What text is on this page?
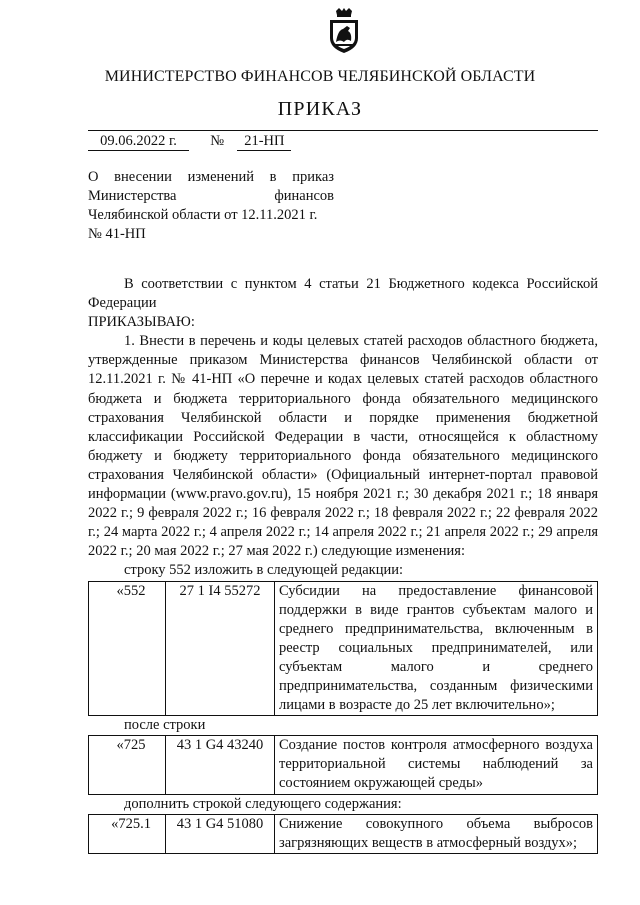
МИНИСТЕРСТВО ФИНАНСОВ ЧЕЛЯБИНСКОЙ ОБЛАСТИ
ПРИКАЗ
09.06.2022 г. № 21-НП

О внесении изменений в приказ

Министерства финансов

Челябинской области от 12.11.2021 г.

№ 41-НП

В соответствии с пунктом 4 статьи 21 Бюджетного кодекса Российской Федерации

ПРИКАЗЫВАЮ:

1. Внести в перечень и коды целевых статей расходов областного бюджета, утвержденные приказом Министерства финансов Челябинской области от 12.11.2021 г. № 41-НП «О перечне и кодах целевых статей расходов областного бюджета и бюджета территориального фонда обязательного медицинского страхования Челябинской области и порядке применения бюджетной классификации Российской Федерации в части, относящейся к областному бюджету и бюджету территориального фонда обязательного медицинского страхования Челябинской области» (Официальный интернет-портал правовой информации (www.pravo.gov.ru), 15 ноября 2021 г.; 30 декабря 2021 г.; 18 января 2022 г.; 9 февраля 2022 г.; 16 февраля 2022 г.; 18 февраля 2022 г.; 22 февраля 2022 г.; 24 марта 2022 г.; 4 апреля 2022 г.; 14 апреля 2022 г.; 21 апреля 2022 г.; 29 апреля 2022 г.; 20 мая 2022 г.; 27 мая 2022 г.) следующие изменения:

строку 552 изложить в следующей редакции:

«552	27 1 I4 55272	Субсидии на предоставление финансовой поддержки в виде грантов субъектам малого и среднего предпринимательства, включенным в реестр социальных предпринимателей, или субъектам малого и среднего предпринимательства, созданным физическими лицами в возрасте до 25 лет включительно»;

после строки

«725	43 1 G4 43240	Создание постов контроля атмосферного воздуха территориальной системы наблюдений за состоянием окружающей среды»

дополнить строкой следующего содержания:

«725.1	43 1 G4 51080	Снижение совокупного объема выбросов загрязняющих веществ в атмосферный воздух»;
